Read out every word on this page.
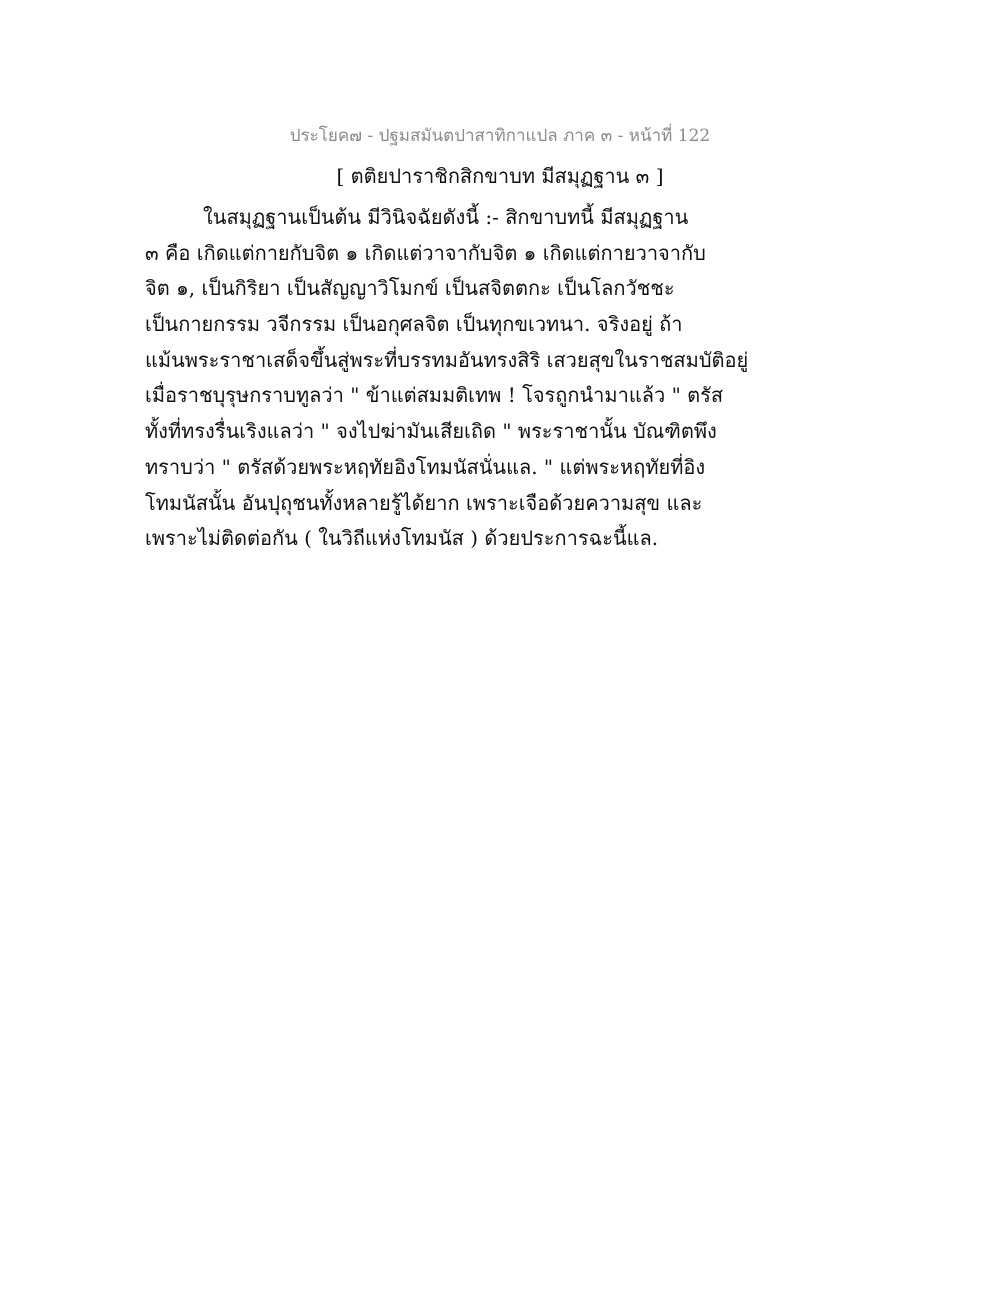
ประโยค๗ - ปฐมสมันตปาสาทิกาแปล ภาค ๓ - หน้าที่ 122
[ ตติยปาราชิกสิกขาบท มีสมุฏฐาน ๓ ]
ในสมุฏฐานเป็นต้น มีวินิจฉัยดังนี้ :- สิกขาบทนี้ มีสมุฏฐาน
๓ คือ เกิดแต่กายกับจิต ๑ เกิดแต่วาจากับจิต ๑ เกิดแต่กายวาจากับ
จิต ๑, เป็นกิริยา เป็นสัญญาวิโมกข์ เป็นสจิตตกะ เป็นโลกวัชชะ
เป็นกายกรรม วจีกรรม เป็นอกุศลจิต เป็นทุกขเวทนา. จริงอยู่ ถ้า
แม้นพระราชาเสด็จขึ้นสู่พระที่บรรทมอันทรงสิริ เสวยสุขในราชสมบัติอยู่
เมื่อราชบุรุษกราบทูลว่า " ข้าแต่สมมติเทพ ! โจรถูกนำมาแล้ว " ตรัส
ทั้งที่ทรงรื่นเริงแลว่า " จงไปฆ่ามันเสียเถิด " พระราชานั้น บัณฑิตพึง
ทราบว่า " ตรัสด้วยพระหฤทัยอิงโทมนัสนั่นแล. " แต่พระหฤทัยที่อิง
โทมนัสนั้น อันปุถุชนทั้งหลายรู้ได้ยาก เพราะเจือด้วยความสุข และ
เพราะไม่ติดต่อกัน ( ในวิถีแห่งโทมนัส ) ด้วยประการฉะนี้แล.
